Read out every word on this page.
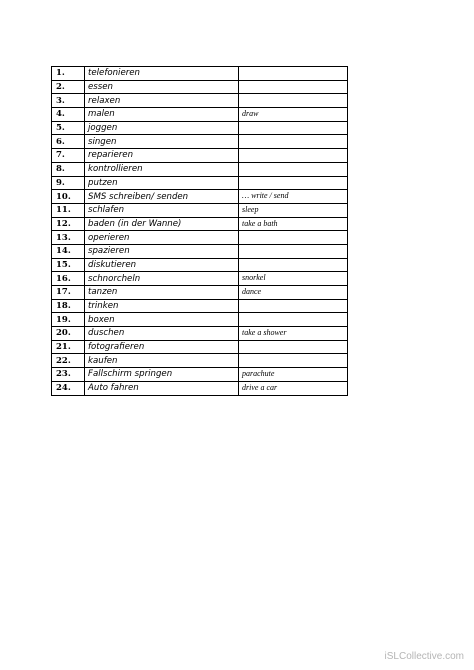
1.	telefonieren	
2.	essen	
3.	relaxen	
4.	malen	draw
5.	joggen	
6.	singen	
7.	reparieren	
8.	kontrollieren	
9.	putzen	
10.	SMS schreiben/ senden	… write / send
11.	schlafen	sleep
12.	baden (in der Wanne)	take a bath
13.	operieren	
14.	spazieren	
15.	diskutieren	
16.	schnorcheln	snorkel
17.	tanzen	dance
18.	trinken	
19.	boxen	
20.	duschen	take a shower
21.	fotografieren	
22.	kaufen	
23.	Fallschirm springen	parachute
24.	Auto fahren	drive a car
iSLCollective.com
